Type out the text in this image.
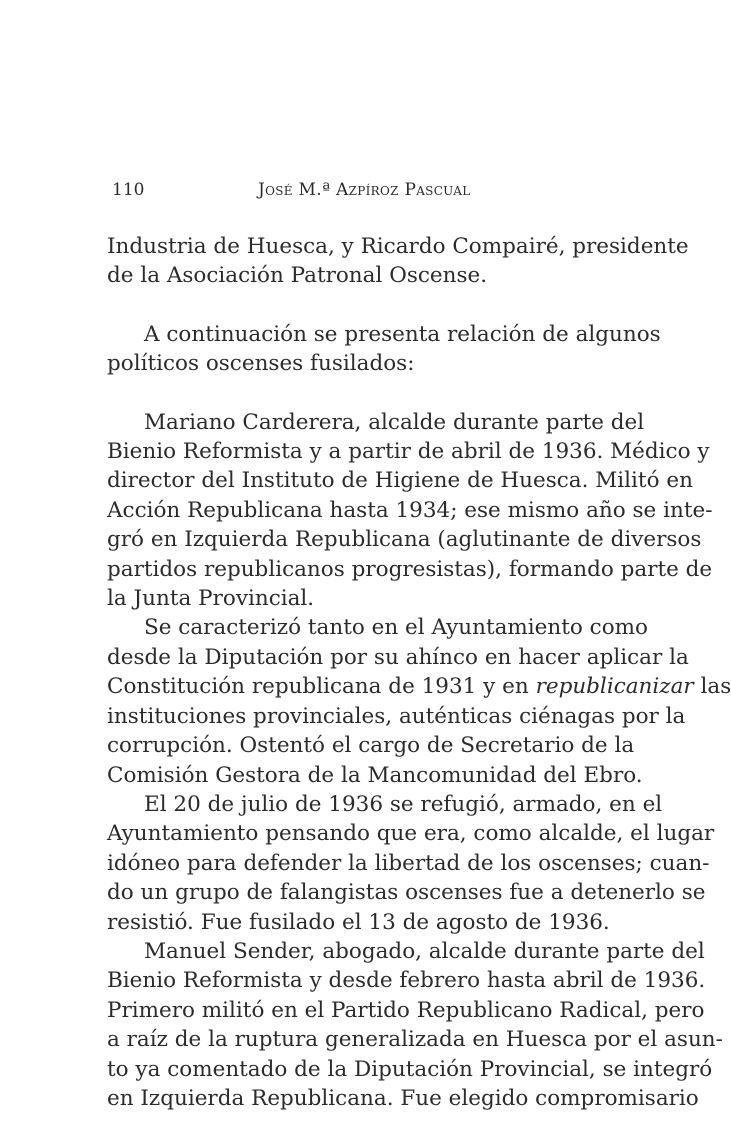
110	José M.ª Azpíroz Pascual
Industria de Huesca, y Ricardo Compairé, presidente
de la Asociación Patronal Oscense.
A continuación se presenta relación de algunos
políticos oscenses fusilados:
Mariano Carderera, alcalde durante parte del
Bienio Reformista y a partir de abril de 1936. Médico y
director del Instituto de Higiene de Huesca. Militó en
Acción Republicana hasta 1934; ese mismo año se inte-
gró en Izquierda Republicana (aglutinante de diversos
partidos republicanos progresistas), formando parte de
la Junta Provincial.
Se caracterizó tanto en el Ayuntamiento como
desde la Diputación por su ahínco en hacer aplicar la
Constitución republicana de 1931 y en republicanizar las
instituciones provinciales, auténticas ciénagas por la
corrupción. Ostentó el cargo de Secretario de la
Comisión Gestora de la Mancomunidad del Ebro.
El 20 de julio de 1936 se refugió, armado, en el
Ayuntamiento pensando que era, como alcalde, el lugar
idóneo para defender la libertad de los oscenses; cuan-
do un grupo de falangistas oscenses fue a detenerlo se
resistió. Fue fusilado el 13 de agosto de 1936.
Manuel Sender, abogado, alcalde durante parte del
Bienio Reformista y desde febrero hasta abril de 1936.
Primero militó en el Partido Republicano Radical, pero
a raíz de la ruptura generalizada en Huesca por el asun-
to ya comentado de la Diputación Provincial, se integró
en Izquierda Republicana. Fue elegido compromisario
